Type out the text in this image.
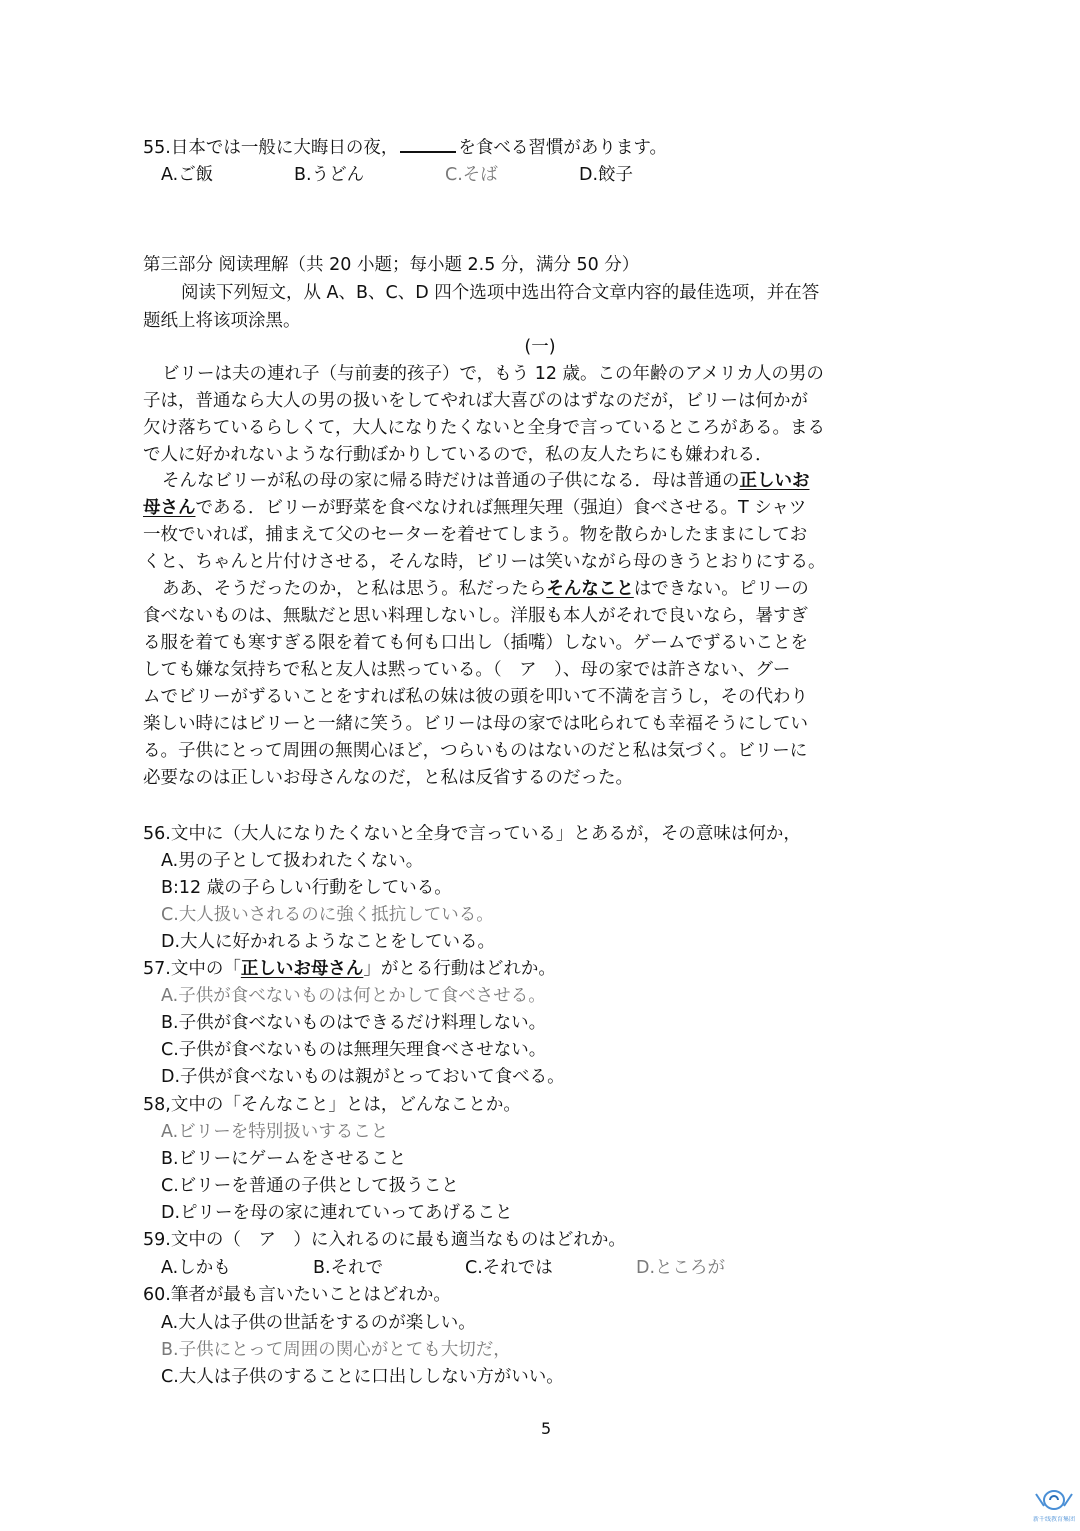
55.日本では一般に大晦日の夜，	を食べる習慣があります。
A.ご飯	B.うどん	C.そば	D.餃子
第三部分 阅读理解（共 20 小题；每小题 2.5 分，满分 50 分）
阅读下列短文，从 A、B、C、D 四个选项中选出符合文章内容的最佳选项，并在答
题纸上将该项涂黑。
(一)
ビリーは夫の連れ子（与前妻的孩子）で，もう 12 歳。この年齢のアメリカ人の男の
子は，普通なら大人の男の扱いをしてやれば大喜びのはずなのだが，ビリーは何かが
欠け落ちているらしくて，大人になりたくないと全身で言っているところがある。まる
で人に好かれないような行動ぼかりしているので，私の友人たちにも嫌われる．
そんなビリーが私の母の家に帰る時だけは普通の子供になる．母は普通の正しいお
母さんである．ビリーが野菜を食べなければ無理矢理（强迫）食べさせる。T シャツ
一枚でいれば，捕まえて父のセーターを着せてしまう。物を散らかしたままにしてお
くと、ちゃんと片付けさせる，そんな時，ビリーは笑いながら母のきうとおりにする。
ああ、そうだったのか，と私は思う。私だったらそんなことはできない。ピリーの
食べないものは、無駄だと思い料理しないし。洋服も本人がそれで良いなら，暑すぎ
る服を着ても寒すぎる限を着ても何も口出し（插嘴）しない。ゲームでずるいことを
しても嫌な気持ちで私と友人は黙っている。（　ア　）、母の家では許さない、グー
ムでビリーがずるいことをすれば私の妹は彼の頭を叩いて不満を言うし，その代わり
楽しい時にはビリーと一緒に笑う。ビリーは母の家では叱られても幸福そうにしてい
る。子供にとって周囲の無関心ほど，つらいものはないのだと私は気づく。ビリーに
必要なのは正しいお母さんなのだ，と私は反省するのだった。
56.文中に（大人になりたくないと全身で言っている」とあるが，その意味は何か，
A.男の子として扱われたくない。
B:12 歳の子らしい行動をしている。
C.大人扱いされるのに強く抵抗している。
D.大人に好かれるようなことをしている。
57.文中の「正しいお母さん」がとる行動はどれか。
A.子供が食べないものは何とかして食べさせる。
B.子供が食べないものはできるだけ料理しない。
C.子供が食べないものは無理矢理食べさせない。
D.子供が食べないものは親がとっておいて食べる。
58,文中の「そんなこと」とは，どんなことか。
A.ビリーを特別扱いすること
B.ビリーにゲームをさせること
C.ビリーを普通の子供として扱うこと
D.ピリーを母の家に連れていってあげること
59.文中の（　ア　）に入れるのに最も適当なものはどれか。
A.しかも	B.それで	C.それでは	D.ところが
60.筆者が最も言いたいことはどれか。
A.大人は子供の世話をするのが楽しい。
B.子供にとって周囲の関心がとても大切だ，
C.大人は子供のすることに口出ししない方がいい。
5
新千线教育集团
